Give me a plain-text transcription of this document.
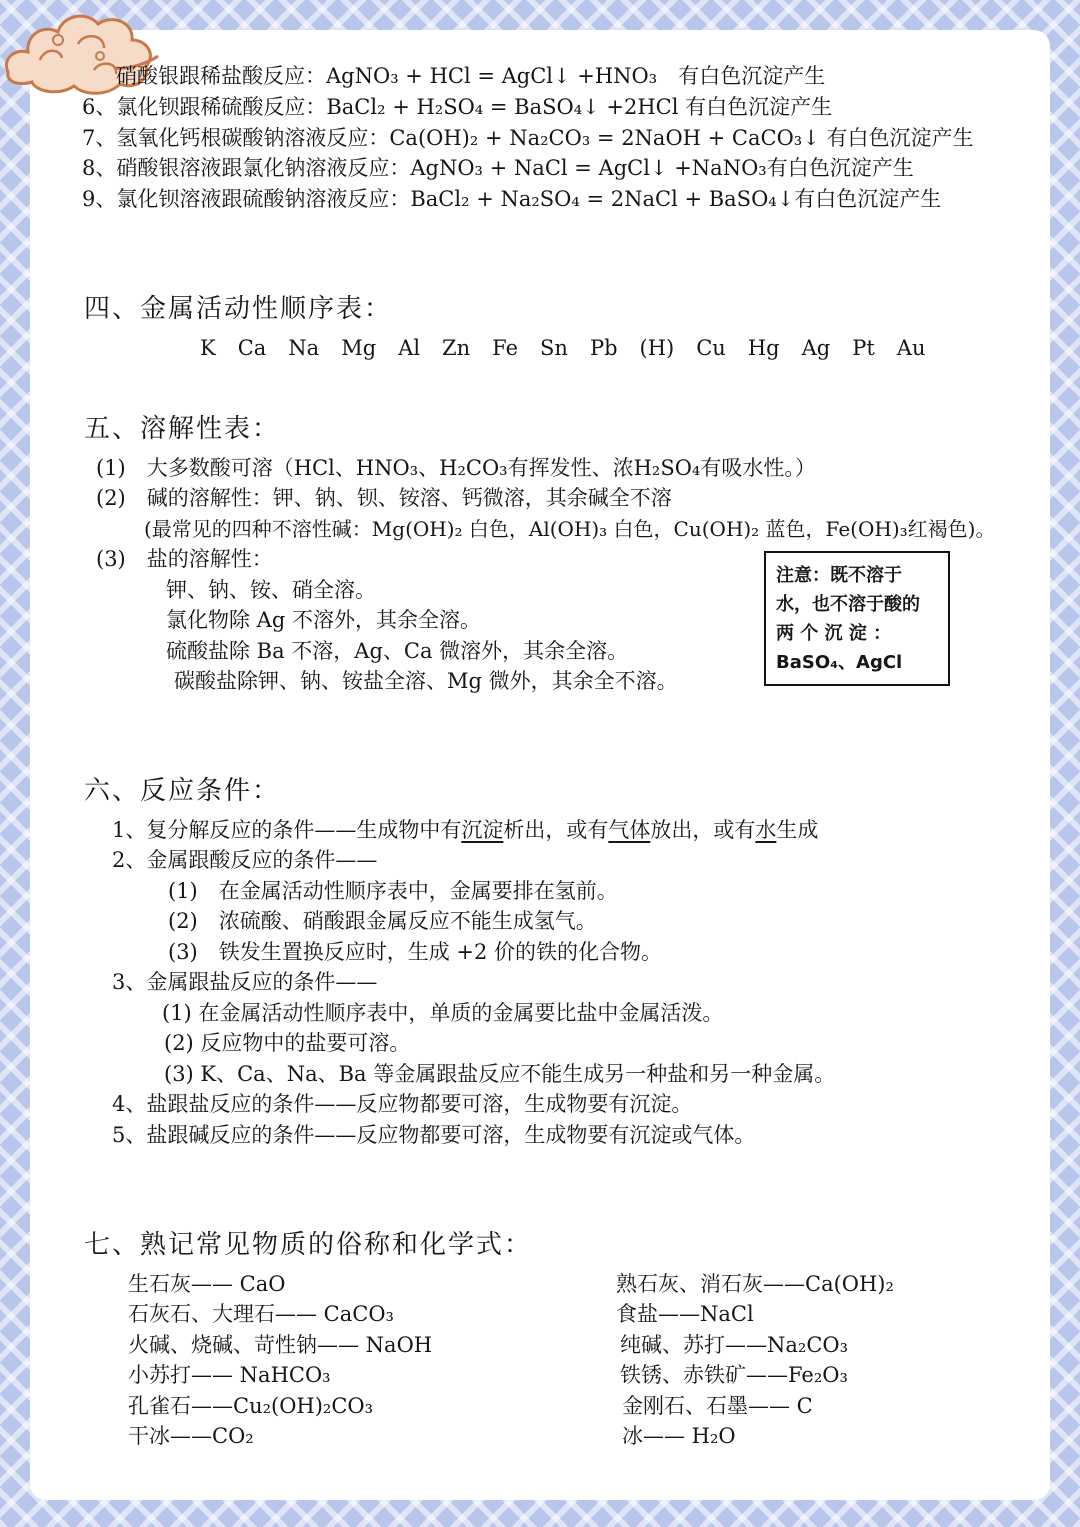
硝酸银跟稀盐酸反应：AgNO₃ + HCl = AgCl↓ +HNO₃　有白色沉淀产生
6、氯化钡跟稀硫酸反应：BaCl₂ + H₂SO₄ = BaSO₄↓ +2HCl 有白色沉淀产生
7、氢氧化钙根碳酸钠溶液反应：Ca(OH)₂ + Na₂CO₃ = 2NaOH + CaCO₃↓ 有白色沉淀产生
8、硝酸银溶液跟氯化钠溶液反应：AgNO₃ + NaCl = AgCl↓ +NaNO₃有白色沉淀产生
9、氯化钡溶液跟硫酸钠溶液反应：BaCl₂ + Na₂SO₄ = 2NaCl + BaSO₄↓有白色沉淀产生
四、金属活动性顺序表：
K Ca Na Mg Al Zn Fe Sn Pb (H) Cu Hg Ag Pt Au
五、溶解性表：
(1)　大多数酸可溶（HCl、HNO₃、H₂CO₃有挥发性、浓H₂SO₄有吸水性。）
(2)　碱的溶解性：钾、钠、钡、铵溶、钙微溶，其余碱全不溶
(最常见的四种不溶性碱：Mg(OH)₂ 白色，Al(OH)₃ 白色，Cu(OH)₂ 蓝色，Fe(OH)₃红褐色)。
(3)　盐的溶解性：
钾、钠、铵、硝全溶。
氯化物除 Ag 不溶外，其余全溶。
硫酸盐除 Ba 不溶，Ag、Ca 微溶外，其余全溶。
碳酸盐除钾、钠、铵盐全溶、Mg 微外，其余全不溶。
注意：既不溶于
水，也不溶于酸的
两 个 沉 淀 ：
BaSO₄、AgCl
六、反应条件：
1、复分解反应的条件——生成物中有沉淀析出，或有气体放出，或有水生成
2、金属跟酸反应的条件——
(1)　在金属活动性顺序表中，金属要排在氢前。
(2)　浓硫酸、硝酸跟金属反应不能生成氢气。
(3)　铁发生置换反应时，生成 +2 价的铁的化合物。
3、金属跟盐反应的条件——
(1) 在金属活动性顺序表中，单质的金属要比盐中金属活泼。
(2) 反应物中的盐要可溶。
(3) K、Ca、Na、Ba 等金属跟盐反应不能生成另一种盐和另一种金属。
4、盐跟盐反应的条件——反应物都要可溶，生成物要有沉淀。
5、盐跟碱反应的条件——反应物都要可溶，生成物要有沉淀或气体。
七、熟记常见物质的俗称和化学式：
生石灰—— CaO
石灰石、大理石—— CaCO₃
火碱、烧碱、苛性钠—— NaOH
小苏打—— NaHCO₃
孔雀石——Cu₂(OH)₂CO₃
干冰——CO₂
熟石灰、消石灰——Ca(OH)₂
食盐——NaCl
纯碱、苏打——Na₂CO₃
铁锈、赤铁矿——Fe₂O₃
金刚石、石墨—— C
冰—— H₂O
